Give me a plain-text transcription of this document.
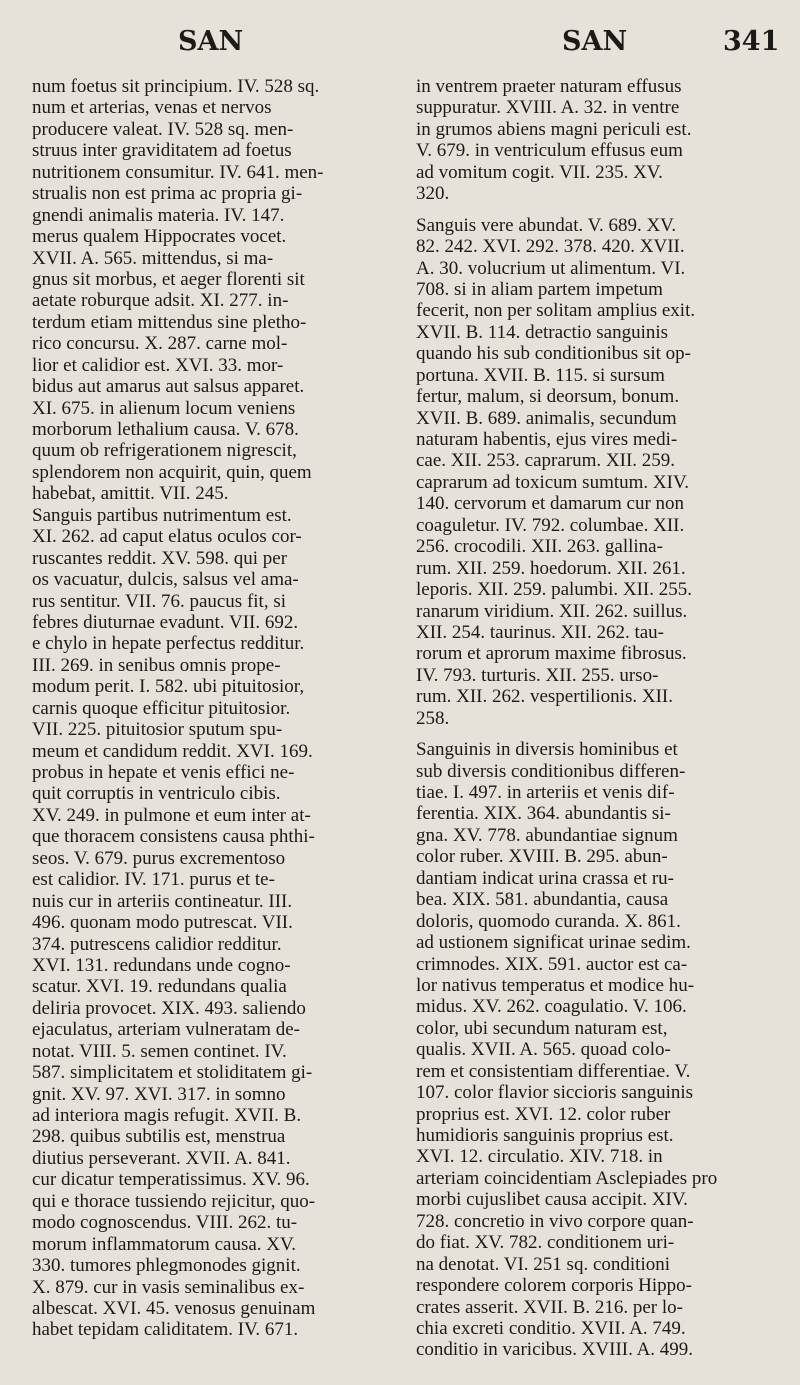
SAN	SAN	341
num foetus sit principium. IV. 528 sq.
num et arterias, venas et nervos
producere valeat. IV. 528 sq. men-
struus inter graviditatem ad foetus
nutritionem consumitur. IV. 641. men-
strualis non est prima ac propria gi-
gnendi animalis materia. IV. 147.
merus qualem Hippocrates vocet.
XVII. A. 565. mittendus, si ma-
gnus sit morbus, et aeger florenti sit
aetate roburque adsit. XI. 277. in-
terdum etiam mittendus sine pletho-
rico concursu. X. 287. carne mol-
lior et calidior est. XVI. 33. mor-
bidus aut amarus aut salsus apparet.
XI. 675. in alienum locum veniens
morborum lethalium causa. V. 678.
quum ob refrigerationem nigrescit,
splendorem non acquirit, quin, quem
habebat, amittit. VII. 245.
Sanguis partibus nutrimentum est.
XI. 262. ad caput elatus oculos cor-
ruscantes reddit. XV. 598. qui per
os vacuatur, dulcis, salsus vel ama-
rus sentitur. VII. 76. paucus fit, si
febres diuturnae evadunt. VII. 692.
e chylo in hepate perfectus redditur.
III. 269. in senibus omnis prope-
modum perit. I. 582. ubi pituitosior,
carnis quoque efficitur pituitosior.
VII. 225. pituitosior sputum spu-
meum et candidum reddit. XVI. 169.
probus in hepate et venis effici ne-
quit corruptis in ventriculo cibis.
XV. 249. in pulmone et eum inter at-
que thoracem consistens causa phthi-
seos. V. 679. purus excrementoso
est calidior. IV. 171. purus et te-
nuis cur in arteriis contineatur. III.
496. quonam modo putrescat. VII.
374. putrescens calidior redditur.
XVI. 131. redundans unde cogno-
scatur. XVI. 19. redundans qualia
deliria provocet. XIX. 493. saliendo
ejaculatus, arteriam vulneratam de-
notat. VIII. 5. semen continet. IV.
587. simplicitatem et stoliditatem gi-
gnit. XV. 97. XVI. 317. in somno
ad interiora magis refugit. XVII. B.
298. quibus subtilis est, menstrua
diutius perseverant. XVII. A. 841.
cur dicatur temperatissimus. XV. 96.
qui e thorace tussiendo rejicitur, quo-
modo cognoscendus. VIII. 262. tu-
morum inflammatorum causa. XV.
330. tumores phlegmonodes gignit.
X. 879. cur in vasis seminalibus ex-
albescat. XVI. 45. venosus genuinam
habet tepidam caliditatem. IV. 671.
in ventrem praeter naturam effusus
suppuratur. XVIII. A. 32. in ventre
in grumos abiens magni periculi est.
V. 679. in ventriculum effusus eum
ad vomitum cogit. VII. 235. XV.
320.
Sanguis vere abundat. V. 689. XV.
82. 242. XVI. 292. 378. 420. XVII.
A. 30. volucrium ut alimentum. VI.
708. si in aliam partem impetum
fecerit, non per solitam amplius exit.
XVII. B. 114. detractio sanguinis
quando his sub conditionibus sit op-
portuna. XVII. B. 115. si sursum
fertur, malum, si deorsum, bonum.
XVII. B. 689. animalis, secundum
naturam habentis, ejus vires medi-
cae. XII. 253. caprarum. XII. 259.
caprarum ad toxicum sumtum. XIV.
140. cervorum et damarum cur non
coaguletur. IV. 792. columbae. XII.
256. crocodili. XII. 263. gallina-
rum. XII. 259. hoedorum. XII. 261.
leporis. XII. 259. palumbi. XII. 255.
ranarum viridium. XII. 262. suillus.
XII. 254. taurinus. XII. 262. tau-
rorum et aprorum maxime fibrosus.
IV. 793. turturis. XII. 255. urso-
rum. XII. 262. vespertilionis. XII.
258.
Sanguinis in diversis hominibus et
sub diversis conditionibus differen-
tiae. I. 497. in arteriis et venis dif-
ferentia. XIX. 364. abundantis si-
gna. XV. 778. abundantiae signum
color ruber. XVIII. B. 295. abun-
dantiam indicat urina crassa et ru-
bea. XIX. 581. abundantia, causa
doloris, quomodo curanda. X. 861.
ad ustionem significat urinae sedim.
crimnodes. XIX. 591. auctor est ca-
lor nativus temperatus et modice hu-
midus. XV. 262. coagulatio. V. 106.
color, ubi secundum naturam est,
qualis. XVII. A. 565. quoad colo-
rem et consistentiam differentiae. V.
107. color flavior siccioris sanguinis
proprius est. XVI. 12. color ruber
humidioris sanguinis proprius est.
XVI. 12. circulatio. XIV. 718. in
arteriam coincidentiam Asclepiades pro
morbi cujuslibet causa accipit. XIV.
728. concretio in vivo corpore quan-
do fiat. XV. 782. conditionem uri-
na denotat. VI. 251 sq. conditioni
respondere colorem corporis Hippo-
crates asserit. XVII. B. 216. per lo-
chia excreti conditio. XVII. A. 749.
conditio in varicibus. XVIII. A. 499.
